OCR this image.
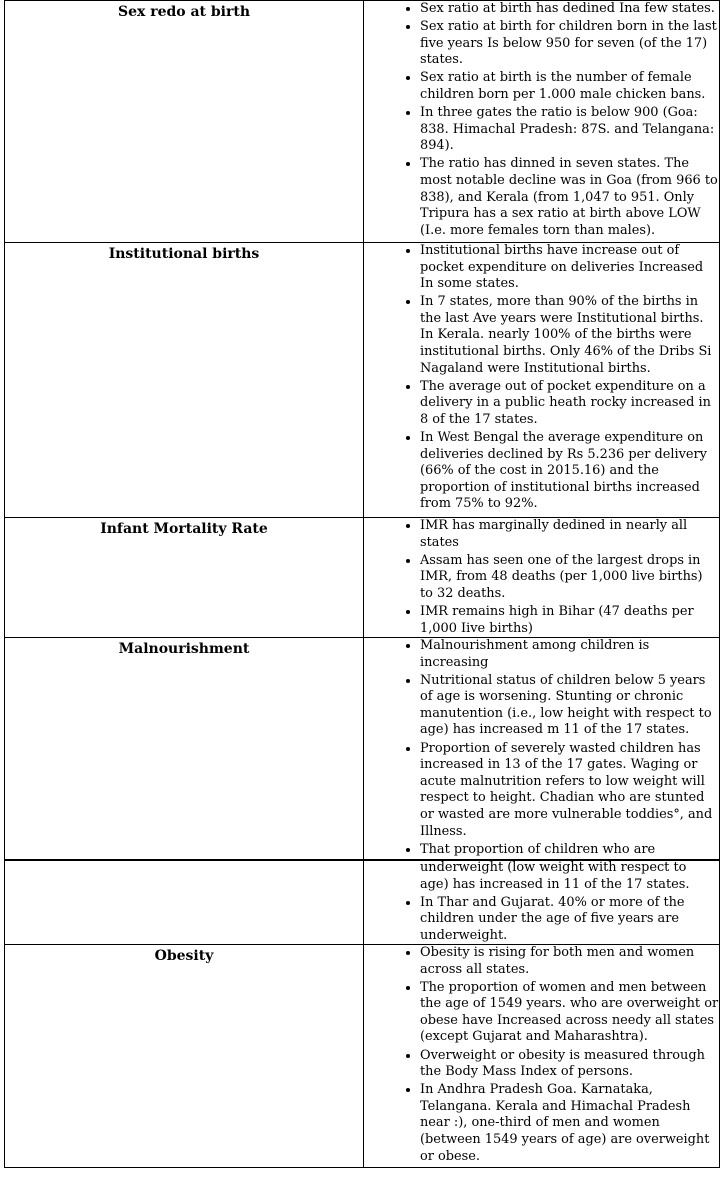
Sex redo at birth	• Sex ratio at birth has dedined Ina few states.
• Sex ratio at birth for children born in the last five years Is below 950 for seven (of the 17) states.
• Sex ratio at birth is the number of female children born per 1.000 male chicken bans.
• In three gates the ratio is below 900 (Goa: 838. Himachal Pradesh: 87S. and Telangana: 894).
• The ratio has dinned in seven states. The most notable decline was in Goa (from 966 to 838), and Kerala (from 1,047 to 951. Only Tripura has a sex ratio at birth above LOW (I.e. more females torn than males).
Institutional births	• Institutional births have increase out of pocket expenditure on deliveries Increased In some states.
• In 7 states, more than 90% of the births in the last Ave years were Institutional births. In Kerala. nearly 100% of the births were institutional births. Only 46% of the Dribs Si Nagaland were Institutional births.
• The average out of pocket expenditure on a delivery in a public heath rocky increased in 8 of the 17 states.
• In West Bengal the average expenditure on deliveries declined by Rs 5.236 per delivery (66% of the cost in 2015.16) and the proportion of institutional births increased from 75% to 92%.
Infant Mortality Rate	• IMR has marginally dedined in nearly all states
• Assam has seen one of the largest drops in IMR, from 48 deaths (per 1,000 live births) to 32 deaths.
• IMR remains high in Bihar (47 deaths per 1,000 Iive births)
Malnourishment	• Malnourishment among children is increasing
• Nutritional status of children below 5 years of age is worsening. Stunting or chronic manutention (i.e., low height with respect to age) has increased m 11 of the 17 states.
• Proportion of severely wasted children has increased in 13 of the 17 gates. Waging or acute malnutrition refers to low weight will respect to height. Chadian who are stunted or wasted are more vulnerable toddies°, and Illness.
• That proportion of children who are
underweight (low weight with respect to age) has increased in 11 of the 17 states.
• In Thar and Gujarat. 40% or more of the children under the age of five years are underweight.
Obesity	• Obesity is rising for both men and women across all states.
• The proportion of women and men between the age of 1549 years. who are overweight or obese have Increased across needy all states (except Gujarat and Maharashtra).
• Overweight or obesity is measured through the Body Mass Index of persons.
• In Andhra Pradesh Goa. Karnataka, Telangana. Kerala and Himachal Pradesh near :), one-third of men and women (between 1549 years of age) are overweight or obese.
